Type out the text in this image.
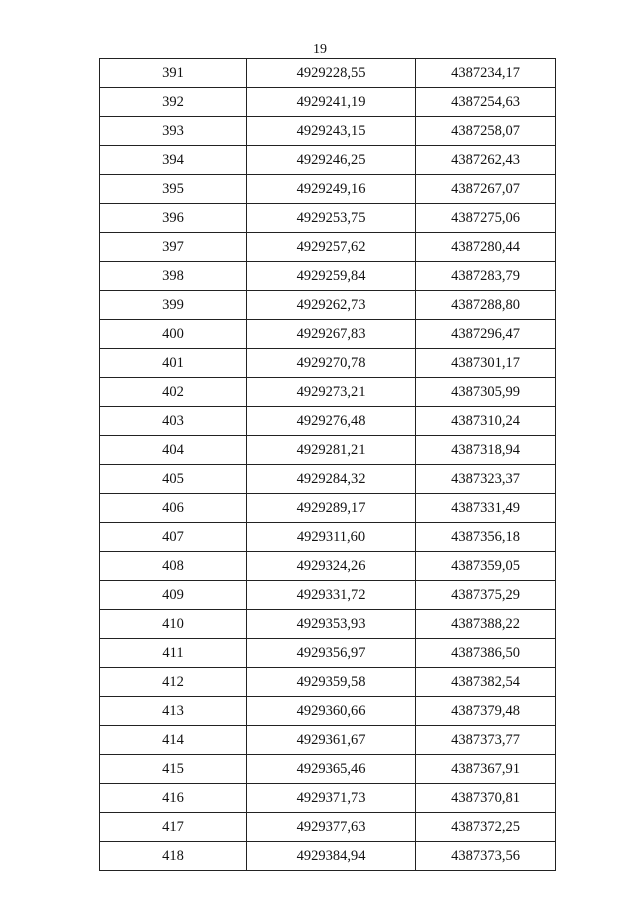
19
391	4929228,55	4387234,17
392	4929241,19	4387254,63
393	4929243,15	4387258,07
394	4929246,25	4387262,43
395	4929249,16	4387267,07
396	4929253,75	4387275,06
397	4929257,62	4387280,44
398	4929259,84	4387283,79
399	4929262,73	4387288,80
400	4929267,83	4387296,47
401	4929270,78	4387301,17
402	4929273,21	4387305,99
403	4929276,48	4387310,24
404	4929281,21	4387318,94
405	4929284,32	4387323,37
406	4929289,17	4387331,49
407	4929311,60	4387356,18
408	4929324,26	4387359,05
409	4929331,72	4387375,29
410	4929353,93	4387388,22
411	4929356,97	4387386,50
412	4929359,58	4387382,54
413	4929360,66	4387379,48
414	4929361,67	4387373,77
415	4929365,46	4387367,91
416	4929371,73	4387370,81
417	4929377,63	4387372,25
418	4929384,94	4387373,56
